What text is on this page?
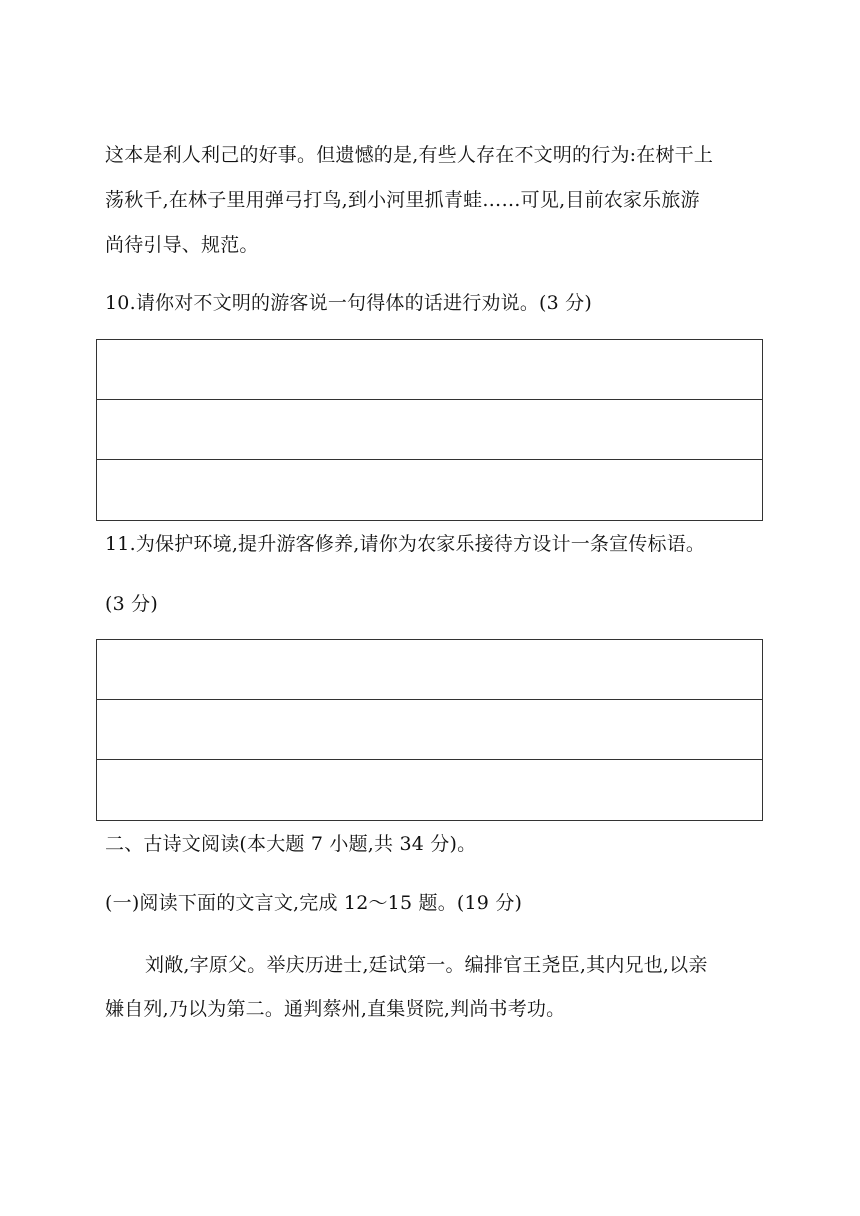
这本是利人利己的好事。但遗憾的是,有些人存在不文明的行为:在树干上
荡秋千,在林子里用弹弓打鸟,到小河里抓青蛙……可见,目前农家乐旅游
尚待引导、规范。
10.请你对不文明的游客说一句得体的话进行劝说。(3 分)
11.为保护环境,提升游客修养,请你为农家乐接待方设计一条宣传标语。
(3 分)
二、古诗文阅读(本大题 7 小题,共 34 分)。
(一)阅读下面的文言文,完成 12～15 题。(19 分)
刘敞,字原父。举庆历进士,廷试第一。编排官王尧臣,其内兄也,以亲
嫌自列,乃以为第二。通判蔡州,直集贤院,判尚书考功。
